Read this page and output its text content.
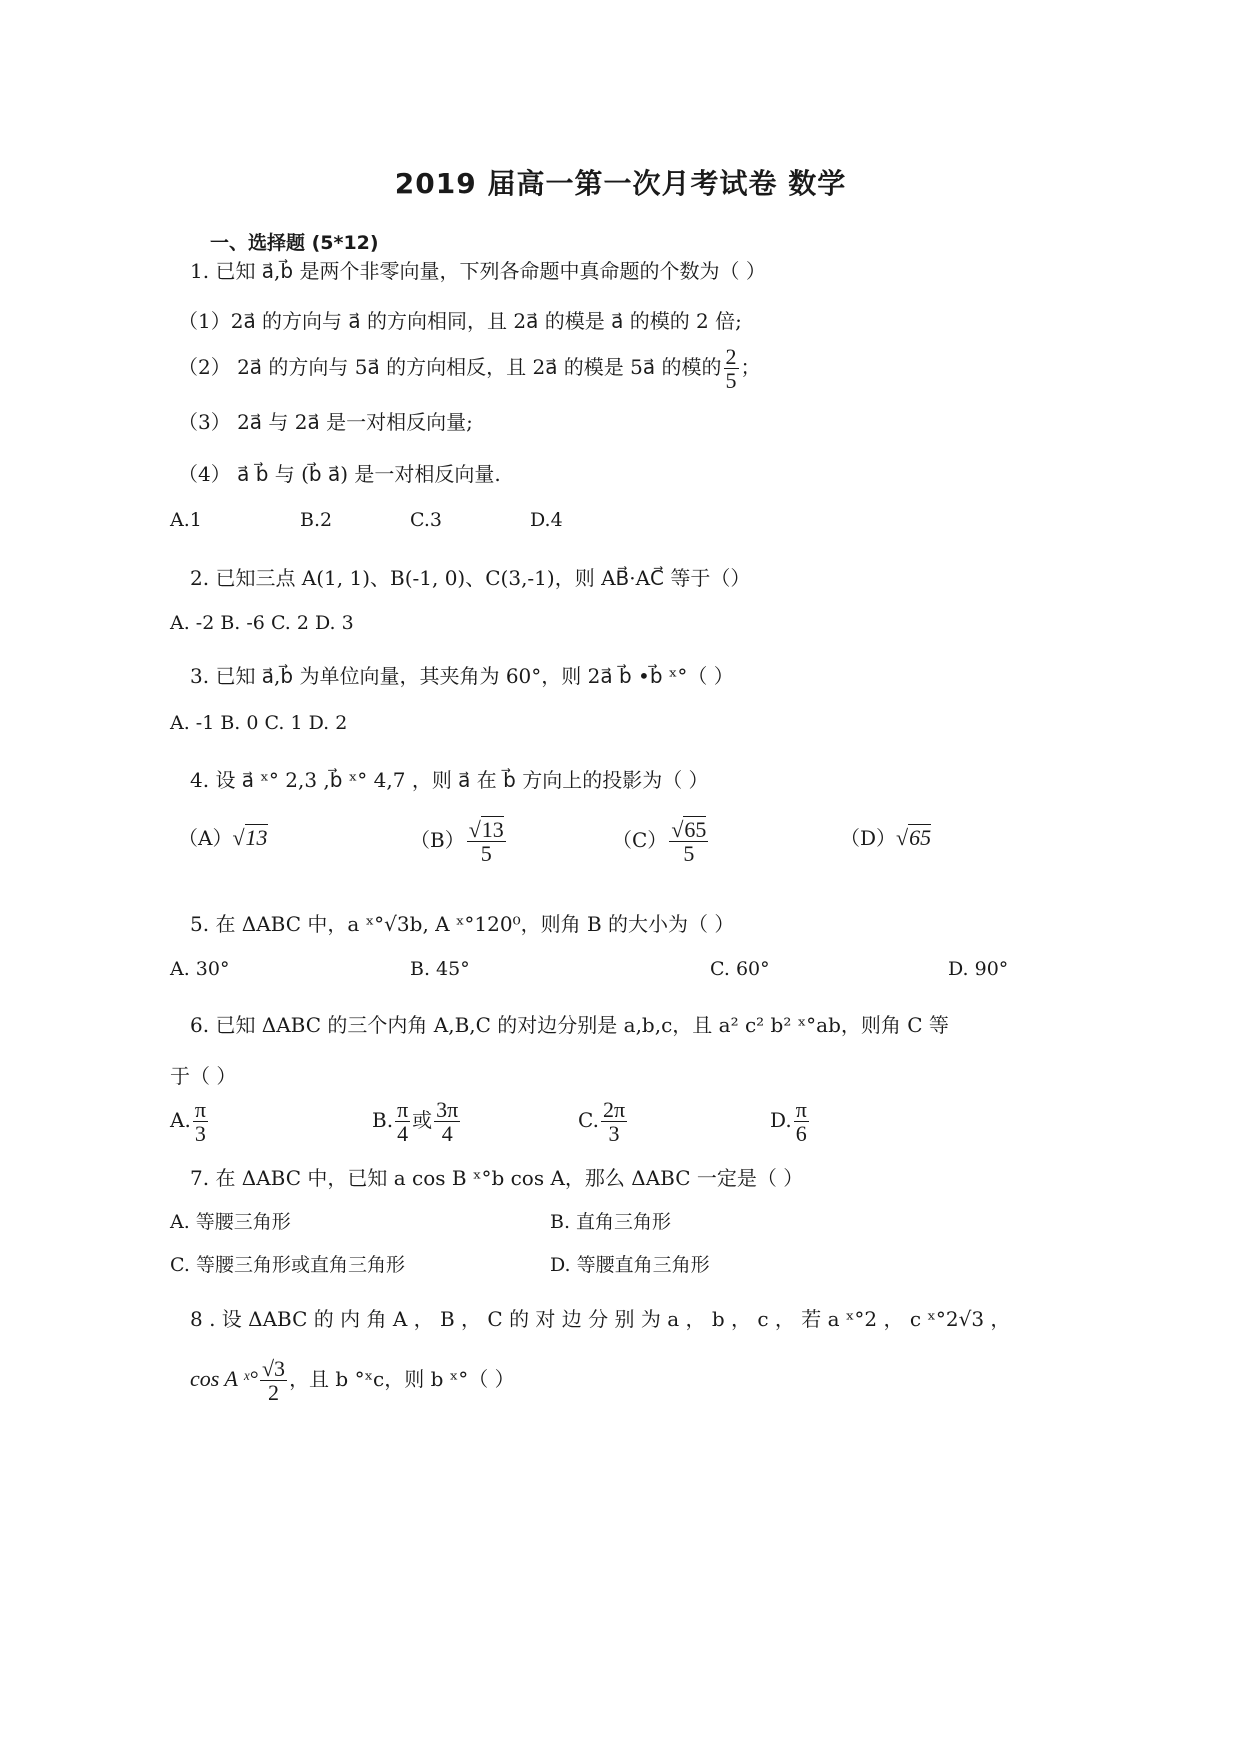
2019 届高一第一次月考试卷 数学
一、选择题 (5*12)
1. 已知 a⃗,b⃗ 是两个非零向量，下列各命题中真命题的个数为（ ）
（1）2a⃗ 的方向与 a⃗ 的方向相同，且 2a⃗ 的模是 a⃗ 的模的 2 倍;
（2） 2a⃗ 的方向与 5a⃗ 的方向相反，且 2a⃗ 的模是 5a⃗ 的模的 $\frac{2}{5}$ ；
（3） 2a⃗ 与 2a⃗ 是一对相反向量;
（4） a⃗ b⃗ 与 (b⃗ a⃗) 是一对相反向量.
A.1	B.2	C.3	D.4
2. 已知三点 A(1, 1)、B(-1, 0)、C(3,-1)，则 AB⃗·AC⃗ 等于（）
A. -2 B. -6 C. 2 D. 3
3. 已知 a⃗,b⃗ 为单位向量，其夹角为 60°，则 2a⃗ b⃗ •b⃗ ˣ°（ ）
A. -1 B. 0 C. 1 D. 2
4. 设 a⃗ ˣ° 2,3 ,b⃗ ˣ° 4,7 ，则 a⃗ 在 b⃗ 方向上的投影为（ ）
（A）√13	$(B) \frac{√13}{5}$	$(C) \frac{√65}{5}$	（D）√65
5. 在 ΔABC 中，a ˣ°√3b, A ˣ°120⁰，则角 B 的大小为（ ）
A. 30°	B. 45°	C. 60°	D. 90°
6. 已知 ΔABC 的三个内角 A,B,C 的对边分别是 a,b,c，且 a² c² b² ˣ°ab，则角 C 等
于（ ）
A. $\frac{\pi}{3}$	B. $\frac{\pi}{4}$ 或 $\frac{3\pi}{4}$	C. $\frac{2\pi}{3}$	D. $\frac{\pi}{6}$
7. 在 ΔABC 中，已知 a cos B ˣ°b cos A，那么 ΔABC 一定是（ ）
A. 等腰三角形	B. 直角三角形
C. 等腰三角形或直角三角形	D. 等腰直角三角形
8 . 设 ΔABC 的 内 角 A ， B ， C 的 对 边 分 别 为 a ， b ， c ， 若 a ˣ°2 ， c ˣ°2√3 ，
cos A ˣ° $\frac{√3}{2}$ ，且 b °ˣc，则 b ˣ°（ ）
